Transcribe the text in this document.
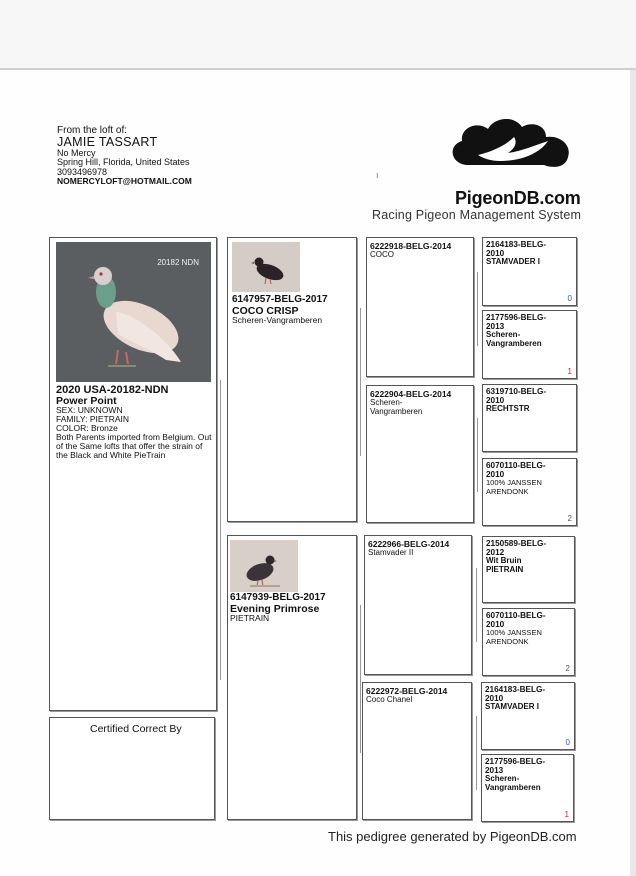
From the loft of:
JAMIE TASSART
No Mercy
Spring Hill, Florida, United States
3093496978
NOMERCYLOFT@HOTMAIL.COM
PigeonDB.com
Racing Pigeon Management System
ı
20182 NDN
2020 USA-20182-NDN
Power Point
SEX: UNKNOWN
FAMILY: PIETRAIN
COLOR: Bronze
Both Parents imported from Belgium. Out of the Same lofts that offer the strain of the Black and White PieTrain
Certified Correct By
6147957-BELG-2017
COCO CRISP
Scheren-Vangramberen
6147939-BELG-2017
Evening Primrose
PIETRAIN
6222918-BELG-2014
COCO
6222904-BELG-2014
Scheren-Vangramberen
6222966-BELG-2014
Stamvader II
6222972-BELG-2014
Coco Chanel
2164183-BELG-2010
STAMVADER I
0
2177596-BELG-2013
Scheren-Vangramberen
1
6319710-BELG-2010
RECHTSTR
6070110-BELG-2010
100% JANSSEN ARENDONK
2
2150589-BELG-2012
Wit Bruin PIETRAIN
6070110-BELG-2010
100% JANSSEN ARENDONK
2
2164183-BELG-2010
STAMVADER I
0
2177596-BELG-2013
Scheren-Vangramberen
1
This pedigree generated by PigeonDB.com
